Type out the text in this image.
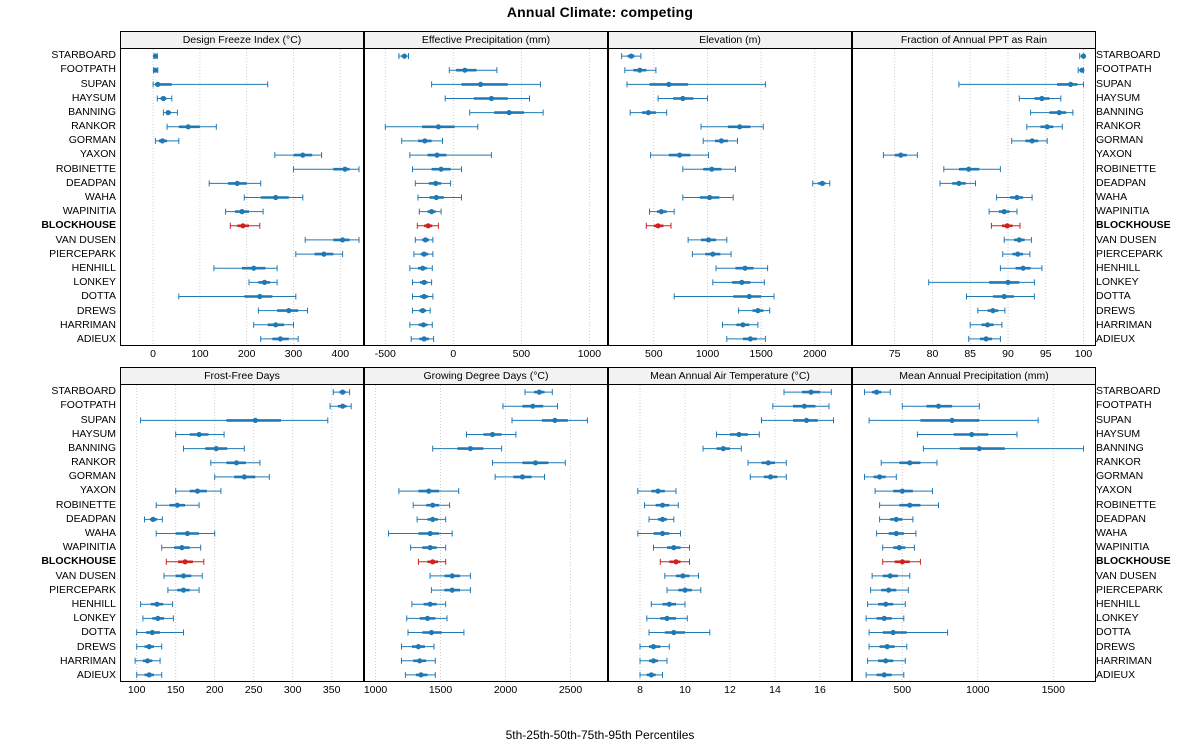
Annual Climate: competing
Design Freeze Index (°C)
0	100	200	300	400
Effective Precipitation (mm)
-500	0	500	1000
Elevation (m)
500	1000	1500	2000
Fraction of Annual PPT as Rain
75 80 85 90 95 100
Frost-Free Days
100 150 200 250 300 350
Growing Degree Days (°C)
1000	1500	2000	2500
Mean Annual Air Temperature (°C)
8	10	12	14	16
Mean Annual Precipitation (mm)
500	1000	1500
STARBOARD
FOOTPATH
SUPAN
HAYSUM
BANNING
RANKOR
GORMAN
YAXON
ROBINETTE
DEADPAN
WAHA
WAPINITIA
BLOCKHOUSE
VAN DUSEN
PIERCEPARK
HENHILL
LONKEY
DOTTA
DREWS
HARRIMAN
ADIEUX
STARBOARD
FOOTPATH
SUPAN
HAYSUM
BANNING
RANKOR
GORMAN
YAXON
ROBINETTE
DEADPAN
WAHA
WAPINITIA
BLOCKHOUSE
VAN DUSEN
PIERCEPARK
HENHILL
LONKEY
DOTTA
DREWS
HARRIMAN
ADIEUX
STARBOARD
FOOTPATH
SUPAN
HAYSUM
BANNING
RANKOR
GORMAN
YAXON
ROBINETTE
DEADPAN
WAHA
WAPINITIA
BLOCKHOUSE
VAN DUSEN
PIERCEPARK
HENHILL
LONKEY
DOTTA
DREWS
HARRIMAN
ADIEUX
STARBOARD
FOOTPATH
SUPAN
HAYSUM
BANNING
RANKOR
GORMAN
YAXON
ROBINETTE
DEADPAN
WAHA
WAPINITIA
BLOCKHOUSE
VAN DUSEN
PIERCEPARK
HENHILL
LONKEY
DOTTA
DREWS
HARRIMAN
ADIEUX
5th-25th-50th-75th-95th Percentiles
